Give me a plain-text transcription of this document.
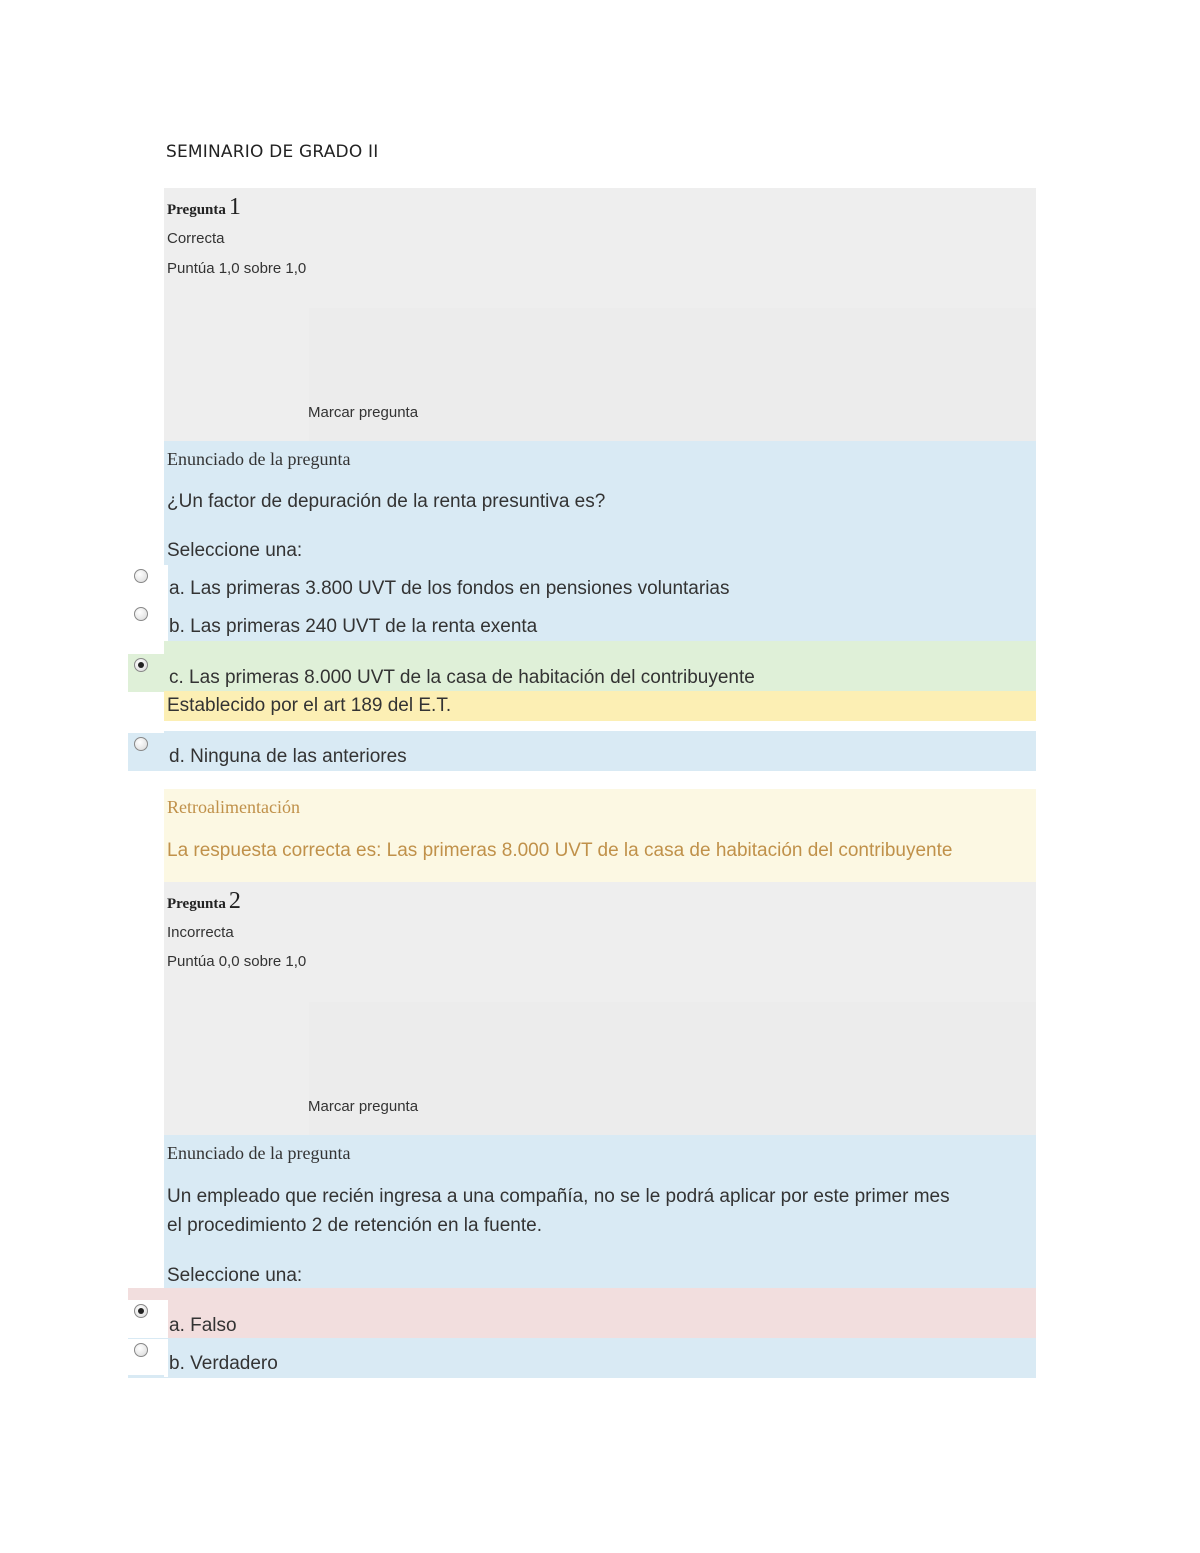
SEMINARIO DE GRADO II
Pregunta 1
Correcta
Puntúa 1,0 sobre 1,0
Marcar pregunta
Enunciado de la pregunta
¿Un factor de depuración de la renta presuntiva es?
Seleccione una:
a. Las primeras 3.800 UVT de los fondos en pensiones voluntarias
b. Las primeras 240 UVT de la renta exenta
c. Las primeras 8.000 UVT de la casa de habitación del contribuyente
Establecido por el art 189 del E.T.
d. Ninguna de las anteriores
Retroalimentación
La respuesta correcta es: Las primeras 8.000 UVT de la casa de habitación del contribuyente
Pregunta 2
Incorrecta
Puntúa 0,0 sobre 1,0
Marcar pregunta
Enunciado de la pregunta
Un empleado que recién ingresa a una compañía, no se le podrá aplicar por este primer mes
el procedimiento 2 de retención en la fuente.
Seleccione una:
a. Falso
b. Verdadero
